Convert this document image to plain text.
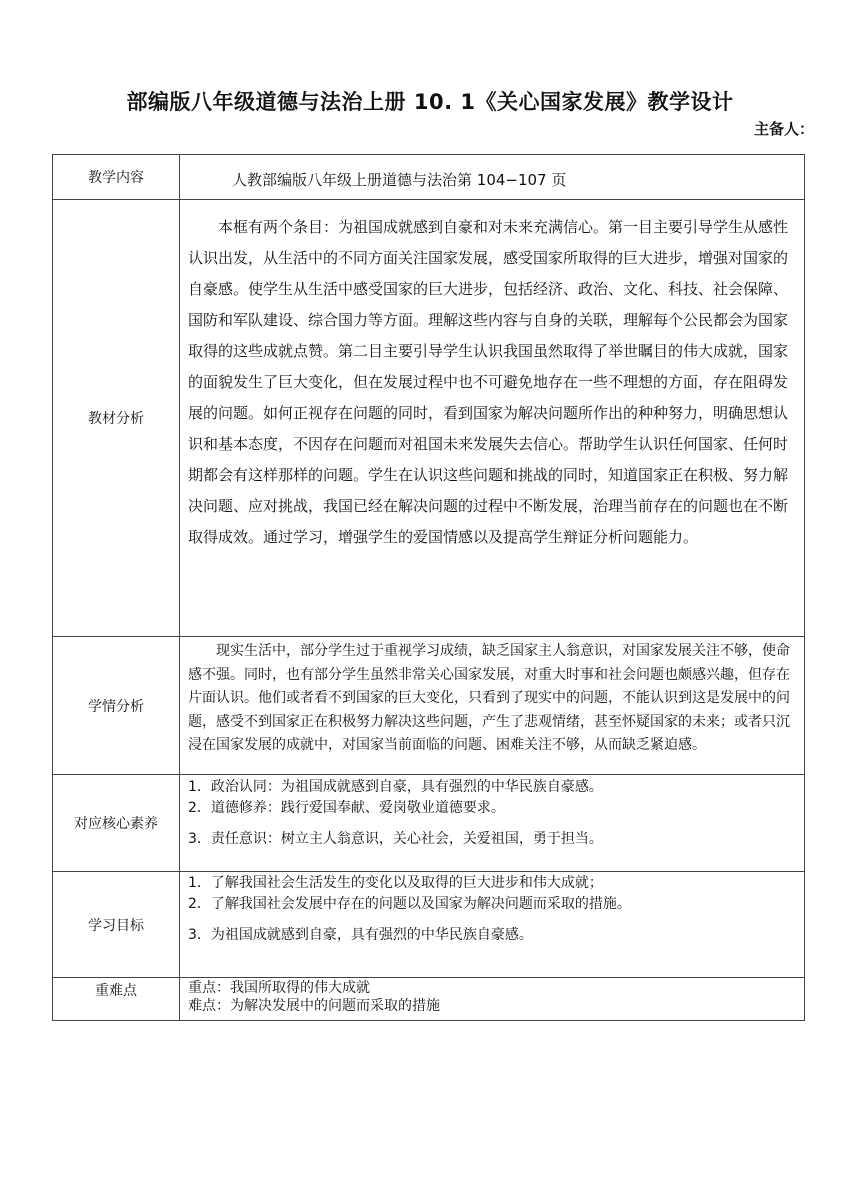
部编版八年级道德与法治上册 10. 1《关心国家发展》教学设计
主备人：
教学内容	人教部编版八年级上册道德与法治第 104−107 页

教材分析	本框有两个条目：为祖国成就感到自豪和对未来充满信心。第一目主要引导学生从感性认识出发，从生活中的不同方面关注国家发展，感受国家所取得的巨大进步，增强对国家的自豪感。使学生从生活中感受国家的巨大进步，包括经济、政治、文化、科技、社会保障、国防和军队建设、综合国力等方面。理解这些内容与自身的关联，理解每个公民都会为国家取得的这些成就点赞。第二目主要引导学生认识我国虽然取得了举世瞩目的伟大成就，国家的面貌发生了巨大变化，但在发展过程中也不可避免地存在一些不理想的方面，存在阻碍发展的问题。如何正视存在问题的同时，看到国家为解决问题所作出的种种努力，明确思想认识和基本态度，不因存在问题而对祖国未来发展失去信心。帮助学生认识任何国家、任何时期都会有这样那样的问题。学生在认识这些问题和挑战的同时，知道国家正在积极、努力解决问题、应对挑战，我国已经在解决问题的过程中不断发展，治理当前存在的问题也在不断取得成效。通过学习，增强学生的爱国情感以及提高学生辩证分析问题能力。

学情分析	现实生活中，部分学生过于重视学习成绩，缺乏国家主人翁意识，对国家发展关注不够，使命感不强。同时，也有部分学生虽然非常关心国家发展，对重大时事和社会问题也颇感兴趣，但存在片面认识。他们或者看不到国家的巨大变化，只看到了现实中的问题，不能认识到这是发展中的问题，感受不到国家正在积极努力解决这些问题，产生了悲观情绪，甚至怀疑国家的未来；或者只沉浸在国家发展的成就中，对国家当前面临的问题、困难关注不够，从而缺乏紧迫感。

对应核心素养	1．政治认同：为祖国成就感到自豪，具有强烈的中华民族自豪感。
2．道德修养：践行爱国奉献、爱岗敬业道德要求。
3．责任意识：树立主人翁意识，关心社会，关爱祖国，勇于担当。

学习目标	1．了解我国社会生活发生的变化以及取得的巨大进步和伟大成就；
2．了解我国社会发展中存在的问题以及国家为解决问题而采取的措施。
3．为祖国成就感到自豪，具有强烈的中华民族自豪感。

重难点	重点：我国所取得的伟大成就
难点：为解决发展中的问题而采取的措施
